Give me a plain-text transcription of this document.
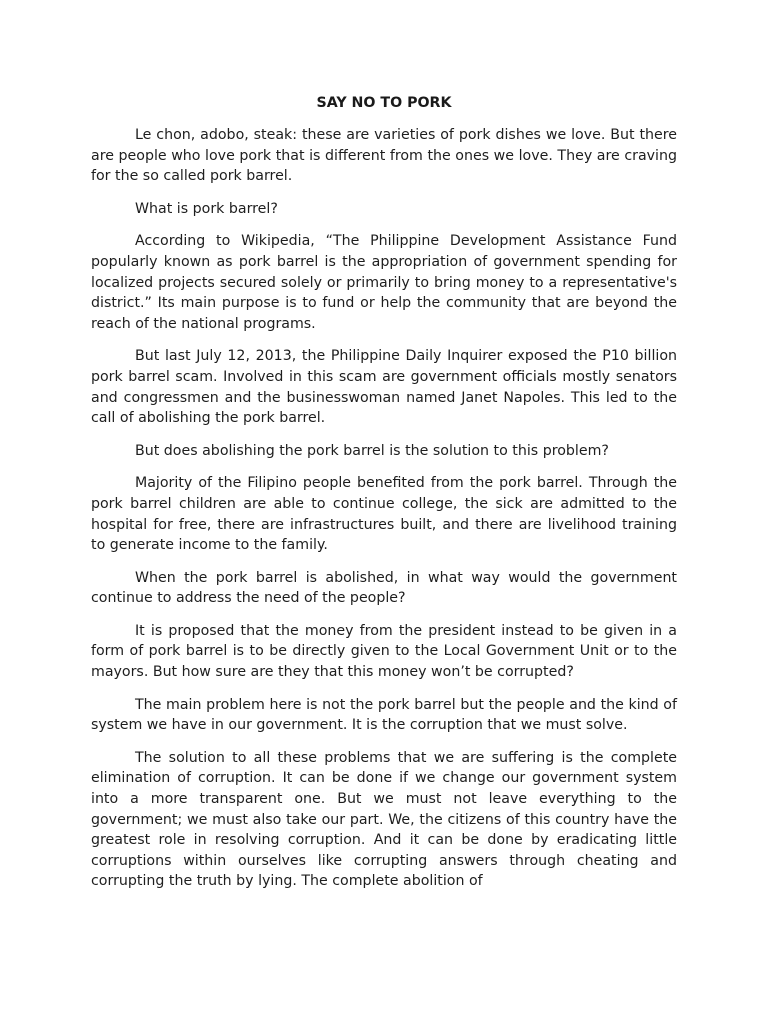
SAY NO TO PORK

Le chon, adobo, steak: these are varieties of pork dishes we love. But there are people who love pork that is different from the ones we love. They are craving for the so called pork barrel.

What is pork barrel?

According to Wikipedia, “The Philippine Development Assistance Fund popularly known as pork barrel is the appropriation of government spending for localized projects secured solely or primarily to bring money to a representative's district.” Its main purpose is to fund or help the community that are beyond the reach of the national programs.

But last July 12, 2013, the Philippine Daily Inquirer exposed the P10 billion pork barrel scam. Involved in this scam are government officials mostly senators and congressmen and the businesswoman named Janet Napoles. This led to the call of abolishing the pork barrel.

But does abolishing the pork barrel is the solution to this problem?

Majority of the Filipino people benefited from the pork barrel. Through the pork barrel children are able to continue college, the sick are admitted to the hospital for free, there are infrastructures built, and there are livelihood training to generate income to the family.

When the pork barrel is abolished, in what way would the government continue to address the need of the people?

It is proposed that the money from the president instead to be given in a form of pork barrel is to be directly given to the Local Government Unit or to the mayors. But how sure are they that this money won’t be corrupted?

The main problem here is not the pork barrel but the people and the kind of system we have in our government. It is the corruption that we must solve.

The solution to all these problems that we are suffering is the complete elimination of corruption. It can be done if we change our government system into a more transparent one. But we must not leave everything to the government; we must also take our part. We, the citizens of this country have the greatest role in resolving corruption. And it can be done by eradicating little corruptions within ourselves like corrupting answers through cheating and corrupting the truth by lying. The complete abolition of
